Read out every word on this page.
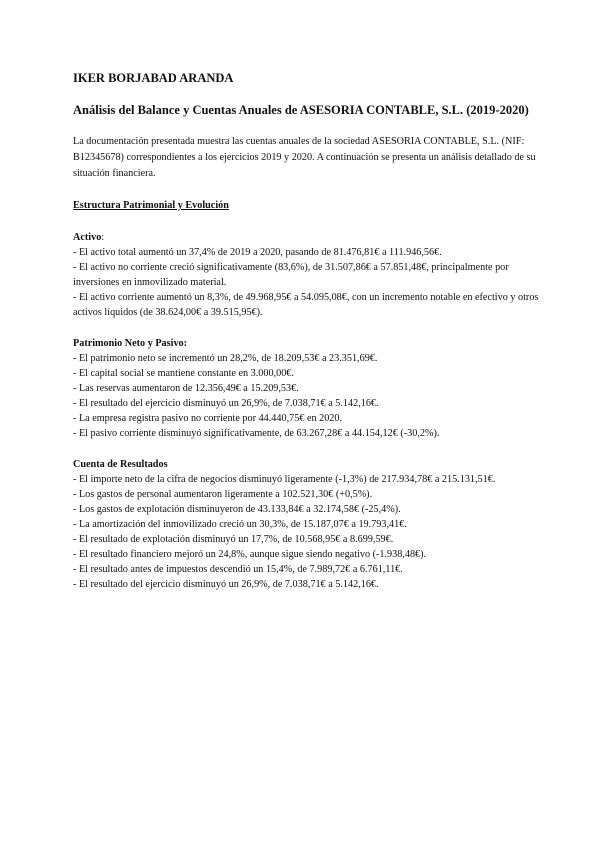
IKER BORJABAD ARANDA
Análisis del Balance y Cuentas Anuales de ASESORIA CONTABLE, S.L. (2019-2020)
La documentación presentada muestra las cuentas anuales de la sociedad ASESORIA CONTABLE, S.L. (NIF: B12345678) correspondientes a los ejercicios 2019 y 2020. A continuación se presenta un análisis detallado de su situación financiera.
Estructura Patrimonial y Evolución
Activo:
- El activo total aumentó un 37,4% de 2019 a 2020, pasando de 81.476,81€ a 111.946,56€.
- El activo no corriente creció significativamente (83,6%), de 31.507,86€ a 57.851,48€, principalmente por inversiones en inmovilizado material.
- El activo corriente aumentó un 8,3%, de 49.968,95€ a 54.095,08€, con un incremento notable en efectivo y otros activos líquidos (de 38.624,00€ a 39.515,95€).
Patrimonio Neto y Pasivo:
- El patrimonio neto se incrementó un 28,2%, de 18.209,53€ a 23.351,69€.
- El capital social se mantiene constante en 3.000,00€.
- Las reservas aumentaron de 12.356,49€ a 15.209,53€.
- El resultado del ejercicio disminuyó un 26,9%, de 7.038,71€ a 5.142,16€.
- La empresa registra pasivo no corriente por 44.440,75€ en 2020.
- El pasivo corriente disminuyó significativamente, de 63.267,28€ a 44.154,12€ (-30,2%).
Cuenta de Resultados
- El importe neto de la cifra de negocios disminuyó ligeramente (-1,3%) de 217.934,78€ a 215.131,51€.
- Los gastos de personal aumentaron ligeramente a 102.521,30€ (+0,5%).
- Los gastos de explotación disminuyeron de 43.133,84€ a 32.174,58€ (-25,4%).
- La amortización del inmovilizado creció un 30,3%, de 15.187,07€ a 19.793,41€.
- El resultado de explotación disminuyó un 17,7%, de 10.568,95€ a 8.699,59€.
- El resultado financiero mejoró un 24,8%, aunque sigue siendo negativo (-1.938,48€).
- El resultado antes de impuestos descendió un 15,4%, de 7.989,72€ a 6.761,11€.
- El resultado del ejercicio disminuyó un 26,9%, de 7.038,71€ a 5.142,16€.
